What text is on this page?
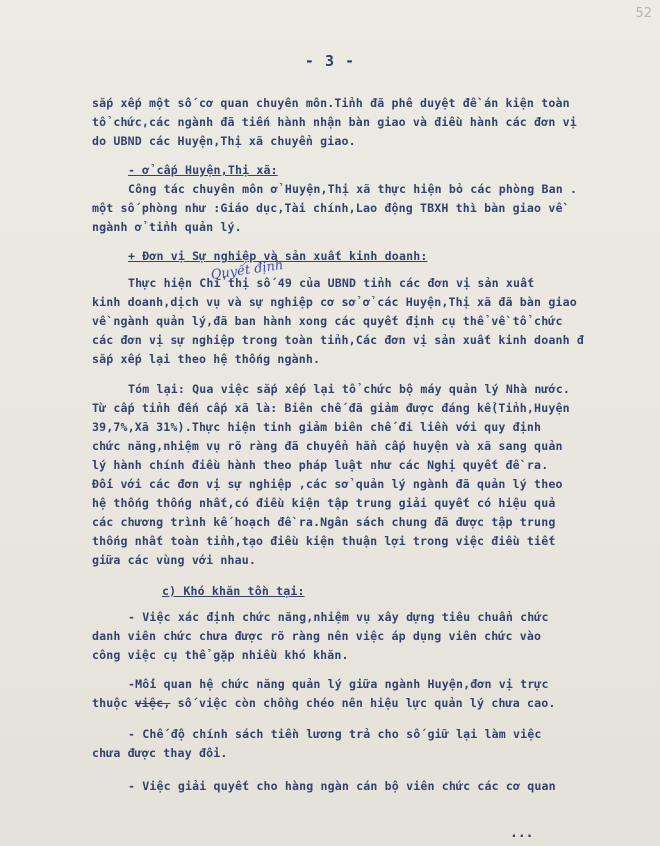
52
- 3 -
sắp xếp một số cơ quan chuyên môn.Tỉnh đã phê duyệt đề án kiện toàn
tổ chức,các ngành đã tiến hành nhận bàn giao và điều hành các đơn vị
do UBND các Huyện,Thị xã chuyển giao.
- ở cấp Huyện,Thị xã:
Công tác chuyên môn ở Huyện,Thị xã thực hiện bỏ các phòng Ban .
một số phòng như :Giáo dục,Tài chính,Lao động TBXH thì bàn giao về
ngành ở tỉnh quản lý.
+ Đơn vị Sự nghiệp và sản xuất kinh doanh:
Thực hiện Chỉ thị số 49 của UBND tỉnh các đơn vị sản xuất
Quyết định
kinh doanh,dịch vụ và sự nghiệp cơ sở ở các Huyện,Thị xã đã bàn giao
về ngành quản lý,đã ban hành xong các quyết định cụ thể về tổ chức
các đơn vị sự nghiệp trong toàn tỉnh,Các đơn vị sản xuất kinh doanh đ
sắp xếp lại theo hệ thống ngành.
Tóm lại: Qua việc sắp xếp lại tổ chức bộ máy quản lý Nhà nước.
Từ cấp tỉnh đến cấp xã là: Biên chế đã giảm được đáng kể(Tỉnh,Huyện
39,7%,Xã 31%).Thực hiện tinh giảm biên chế đi liền với quy định
chức năng,nhiệm vụ rõ ràng đã chuyển hẳn cấp huyện và xã sang quản
lý hành chính điều hành theo pháp luật như các Nghị quyết đề ra.
Đối với các đơn vị sự nghiệp ,các sở quản lý ngành đã quản lý theo
hệ thống thống nhất,có điều kiện tập trung giải quyết có hiệu quả
các chương trình kế hoạch đề ra.Ngân sách chung đã được tập trung
thống nhất toàn tỉnh,tạo điều kiện thuận lợi trong việc điều tiết
giữa các vùng với nhau.
c) Khó khăn tồn tại:
- Việc xác định chức năng,nhiệm vụ xây dựng tiêu chuẩn chức
danh viên chức chưa được rõ ràng nên việc áp dụng viên chức vào
công việc cụ thể gặp nhiều khó khăn.
-Mối quan hệ chức năng quản lý giữa ngành Huyện,đơn vị trực
thuộc việc, số việc còn chồng chéo nên hiệu lực quản lý chưa cao.
- Chế độ chính sách tiền lương trả cho số giữ lại làm việc
chưa được thay đổi.
- Việc giải quyết cho hàng ngàn cán bộ viên chức các cơ quan
...
